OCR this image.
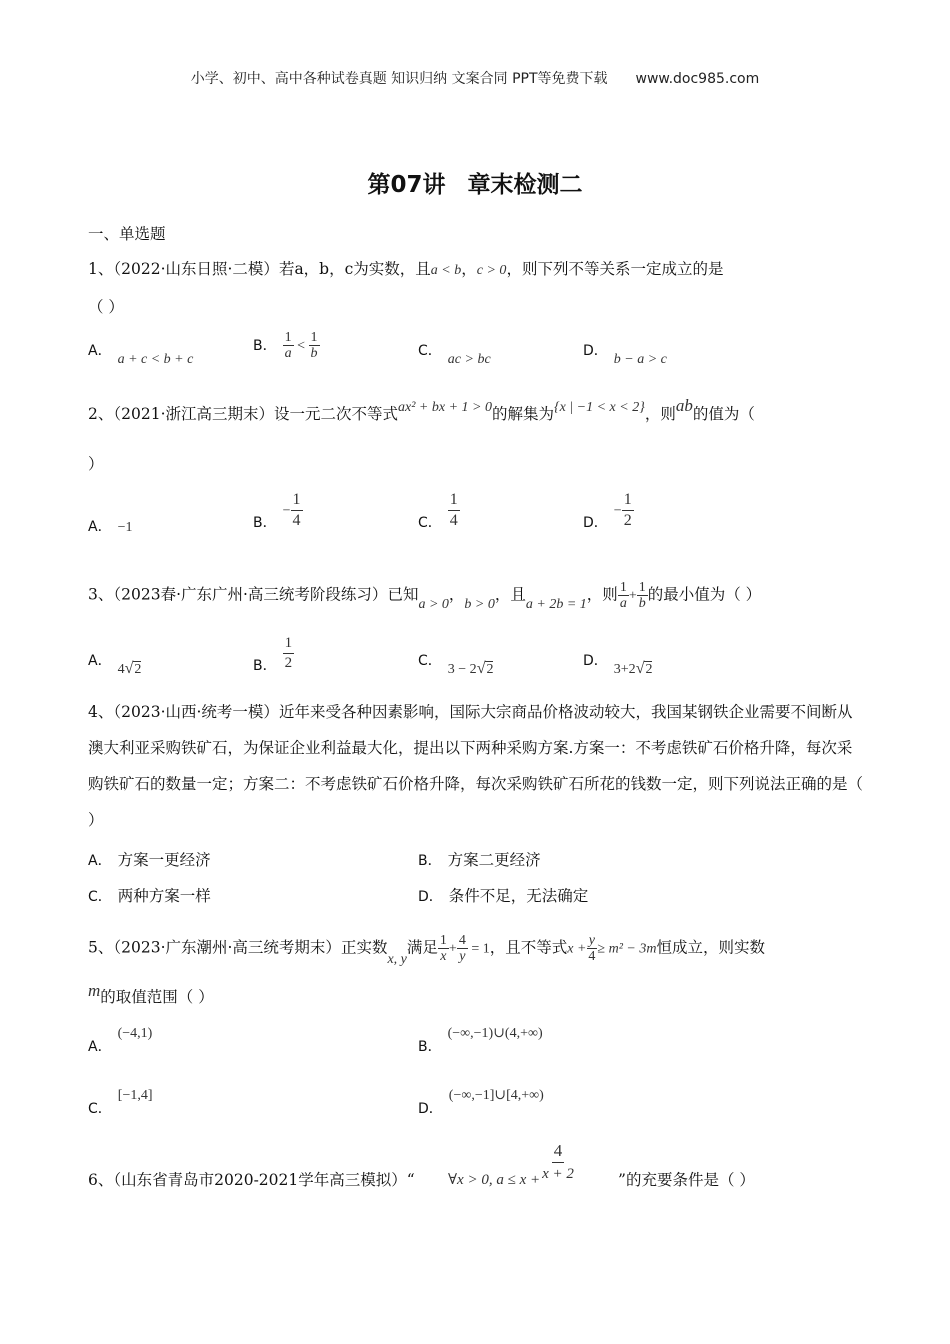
小学、初中、高中各种试卷真题 知识归纳 文案合同 PPT等免费下载 www.doc985.com
第07讲 章末检测二
一、单选题
1、（2022·山东日照·二模）若a，b，c为实数，且a < b，c > 0，则下列不等关系一定成立的是
（ ）
A．a + c < b + c
B． $\frac{1}{a} < \frac{1}{b}$	C．ac > bc
D．b − a > c
2、（2021·浙江高三期末）设一元二次不等式ax² + bx + 1 > 0的解集为{x | −1 < x < 2}，则ab的值为（
）
A． −1	B．− $\frac{1}{4}$	C． $\frac{1}{4}$	D．− $\frac{1}{2}$
3、（2023春·广东广州·高三统考阶段练习）已知a > 0，b > 0，且a + 2b = 1，则 $\frac{1}{a} + \frac{1}{b}$ 的最小值为（ ）
A．4√2	B． $\frac{1}{2}$	C．3 − 2√2
D．3+2√2
4、（2023·山西·统考一模）近年来受各种因素影响，国际大宗商品价格波动较大，我国某钢铁企业需要不间断从澳大利亚采购铁矿石，为保证企业利益最大化，提出以下两种采购方案.方案一：不考虑铁矿石价格升降，每次采购铁矿石的数量一定；方案二：不考虑铁矿石价格升降，每次采购铁矿石所花的钱数一定，则下列说法正确的是（ ）
A． 方案一更经济	B． 方案二更经济
C． 两种方案一样	D． 条件不足，无法确定
5、（2023·广东潮州·高三统考期末）正实数x, y满足 $\frac{1}{x} + \frac{4}{y} = 1$，且不等式$x + \frac{y}{4} \ge m^2 - 3m$恒成立，则实数
m的取值范围（ ）
A．(−4,1)
B．(−∞,−1)∪(4,+∞)
C．[−1,4]
D．(−∞,−1]∪[4,+∞)
6、（山东省青岛市2020-2021学年高三模拟）“ ∀x > 0, $a \le x + \frac{4}{x + 2}$	”的充要条件是（ ）
